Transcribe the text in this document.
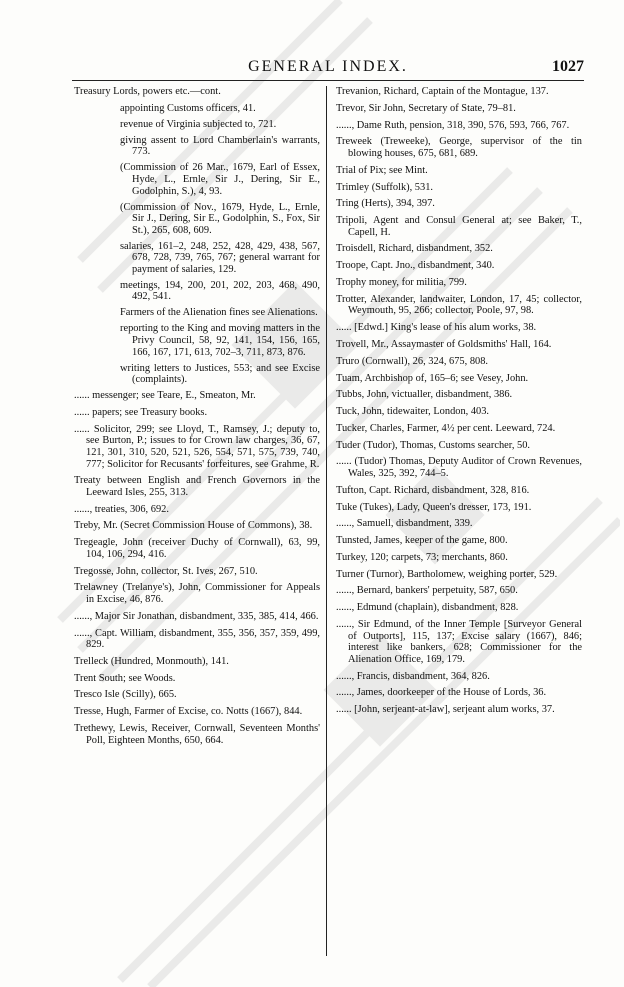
GENERAL INDEX.	1027
Treasury Lords, powers etc.—cont.
appointing Customs officers, 41.
revenue of Virginia subjected to, 721.
giving assent to Lord Chamberlain's warrants, 773.
(Commission of 26 Mar., 1679, Earl of Essex, Hyde, L., Ernle, Sir J., Dering, Sir E., Godolphin, S.), 4, 93.
(Commission of Nov., 1679, Hyde, L., Ernle, Sir J., Dering, Sir E., Godolphin, S., Fox, Sir St.), 265, 608, 609.
salaries, 161–2, 248, 252, 428, 429, 438, 567, 678, 728, 739, 765, 767; general warrant for payment of salaries, 129.
meetings, 194, 200, 201, 202, 203, 468, 490, 492, 541.
Farmers of the Alienation fines see Alienations.
reporting to the King and moving matters in the Privy Council, 58, 92, 141, 154, 156, 165, 166, 167, 171, 613, 702–3, 711, 873, 876.
writing letters to Justices, 553; and see Excise (complaints).
...... messenger; see Teare, E., Smeaton, Mr.
...... papers; see Treasury books.
...... Solicitor, 299; see Lloyd, T., Ramsey, J.; deputy to, see Burton, P.; issues to for Crown law charges, 36, 67, 121, 301, 310, 520, 521, 526, 554, 571, 575, 739, 740, 777; Solicitor for Recusants' forfeitures, see Grahme, R.
Treaty between English and French Governors in the Leeward Isles, 255, 313.
......, treaties, 306, 692.
Treby, Mr. (Secret Commission House of Commons), 38.
Tregeagle, John (receiver Duchy of Cornwall), 63, 99, 104, 106, 294, 416.
Tregosse, John, collector, St. Ives, 267, 510.
Trelawney (Trelanye's), John, Commissioner for Appeals in Excise, 46, 876.
......, Major Sir Jonathan, disbandment, 335, 385, 414, 466.
......, Capt. William, disbandment, 355, 356, 357, 359, 499, 829.
Trelleck (Hundred, Monmouth), 141.
Trent South; see Woods.
Tresco Isle (Scilly), 665.
Tresse, Hugh, Farmer of Excise, co. Notts (1667), 844.
Trethewy, Lewis, Receiver, Cornwall, Seventeen Months' Poll, Eighteen Months, 650, 664.
Trevanion, Richard, Captain of the Montague, 137.
Trevor, Sir John, Secretary of State, 79–81.
......, Dame Ruth, pension, 318, 390, 576, 593, 766, 767.
Treweek (Treweeke), George, supervisor of the tin blowing houses, 675, 681, 689.
Trial of Pix; see Mint.
Trimley (Suffolk), 531.
Tring (Herts), 394, 397.
Tripoli, Agent and Consul General at; see Baker, T., Capell, H.
Troisdell, Richard, disbandment, 352.
Troope, Capt. Jno., disbandment, 340.
Trophy money, for militia, 799.
Trotter, Alexander, landwaiter, London, 17, 45; collector, Weymouth, 95, 266; collector, Poole, 97, 98.
...... [Edwd.] King's lease of his alum works, 38.
Trovell, Mr., Assaymaster of Goldsmiths' Hall, 164.
Truro (Cornwall), 26, 324, 675, 808.
Tuam, Archbishop of, 165–6; see Vesey, John.
Tubbs, John, victualler, disbandment, 386.
Tuck, John, tidewaiter, London, 403.
Tucker, Charles, Farmer, 4½ per cent. Leeward, 724.
Tuder (Tudor), Thomas, Customs searcher, 50.
...... (Tudor) Thomas, Deputy Auditor of Crown Revenues, Wales, 325, 392, 744–5.
Tufton, Capt. Richard, disbandment, 328, 816.
Tuke (Tukes), Lady, Queen's dresser, 173, 191.
......, Samuell, disbandment, 339.
Tunsted, James, keeper of the game, 800.
Turkey, 120; carpets, 73; merchants, 860.
Turner (Turnor), Bartholomew, weighing porter, 529.
......, Bernard, bankers' perpetuity, 587, 650.
......, Edmund (chaplain), disbandment, 828.
......, Sir Edmund, of the Inner Temple [Surveyor General of Outports], 115, 137; Excise salary (1667), 846; interest like bankers, 628; Commissioner for the Alienation Office, 169, 179.
......, Francis, disbandment, 364, 826.
......, James, doorkeeper of the House of Lords, 36.
...... [John, serjeant-at-law], serjeant alum works, 37.
